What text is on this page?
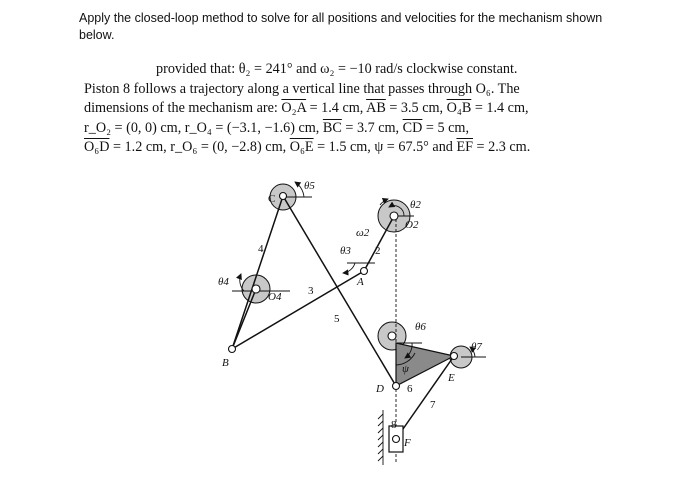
Apply the closed-loop method to solve for all positions and velocities for the mechanism shown below.
provided that: θ₂ = 241° and ω₂ = −10 rad/s clockwise constant.
Piston 8 follows a trajectory along a vertical line that passes through O₆. The
dimensions of the mechanism are: O₂A = 1.4 cm, $\overline{AB} = 3.5$ cm, O₄B = 1.4 cm,
r_O₂ = (0, 0) cm, r_O₄ = (−3.1, −1.6) cm, $\overline{BC} = 3.7$ cm, $\overline{CD} = 5$ cm,
O₆D = 1.2 cm, r_O₆ = (0, −2.8) cm, O₆E = 1.5 cm, ψ = 67.5° and $\overline{EF} = 2.3$ cm.
C
θ5
θ2
O2
ω2
θ3 2
4
θ4
O4 3
A
5
θ6
ψ
θ7
B
E
D 6
7
8
F
